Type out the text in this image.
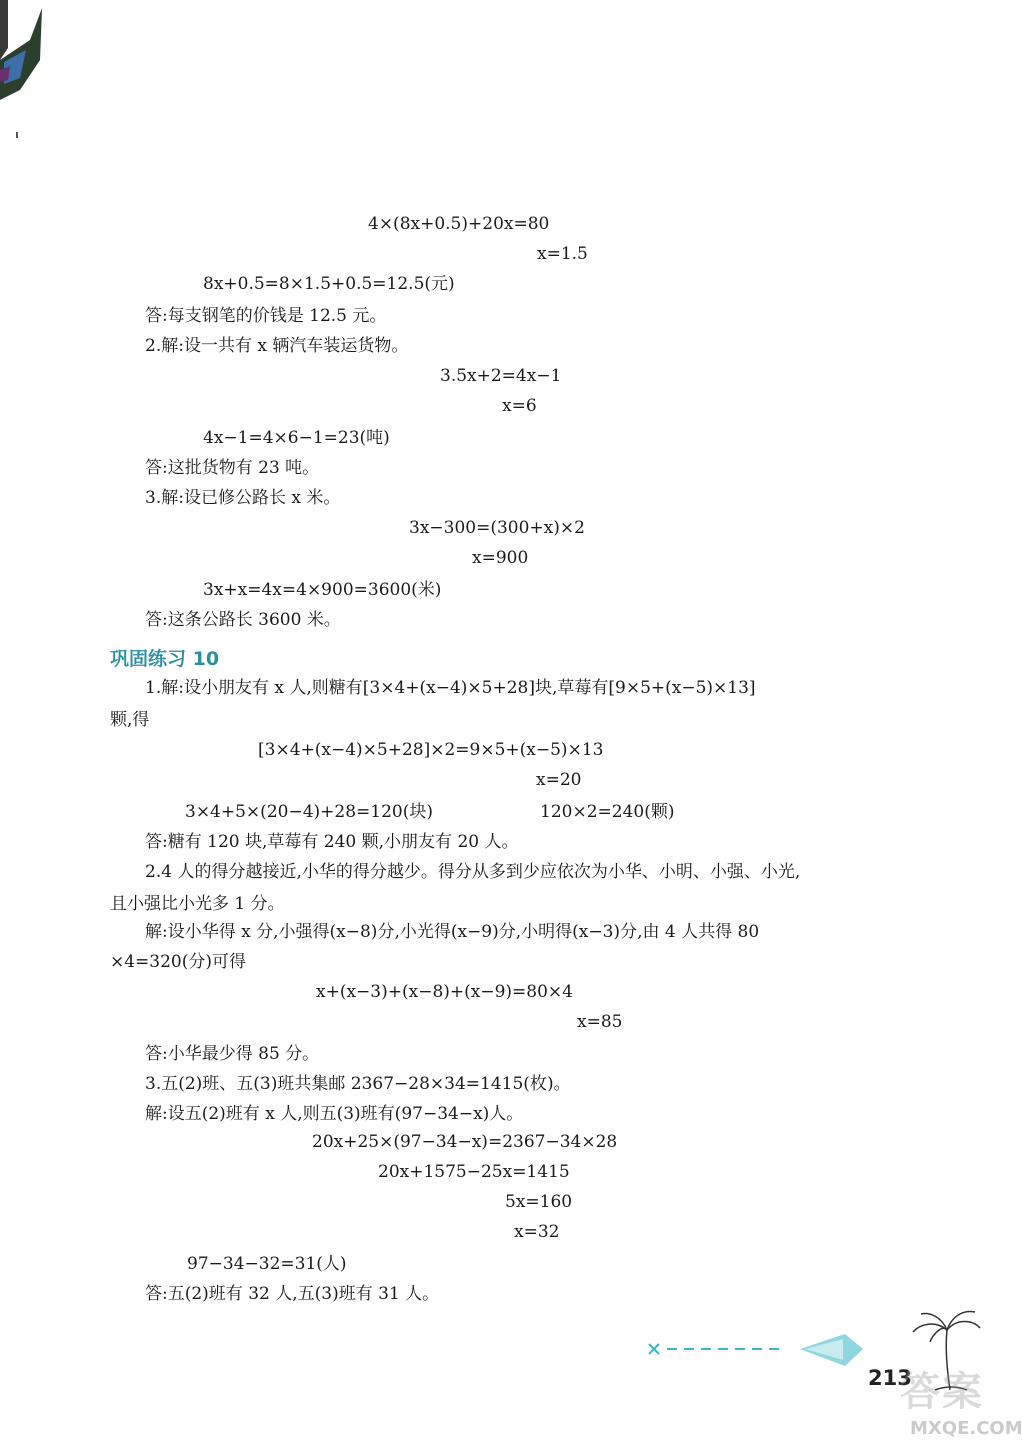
4×(8x+0.5)+20x=80
x=1.5
8x+0.5=8×1.5+0.5=12.5(元)
答:每支钢笔的价钱是 12.5 元。
2.解:设一共有 x 辆汽车装运货物。
3.5x+2=4x−1
x=6
4x−1=4×6−1=23(吨)
答:这批货物有 23 吨。
3.解:设已修公路长 x 米。
3x−300=(300+x)×2
x=900
3x+x=4x=4×900=3600(米)
答:这条公路长 3600 米。
巩固练习 10
1.解:设小朋友有 x 人,则糖有[3×4+(x−4)×5+28]块,草莓有[9×5+(x−5)×13]
颗,得
[3×4+(x−4)×5+28]×2=9×5+(x−5)×13
x=20
3×4+5×(20−4)+28=120(块)	120×2=240(颗)
答:糖有 120 块,草莓有 240 颗,小朋友有 20 人。
2.4 人的得分越接近,小华的得分越少。得分从多到少应依次为小华、小明、小强、小光,
且小强比小光多 1 分。
解:设小华得 x 分,小强得(x−8)分,小光得(x−9)分,小明得(x−3)分,由 4 人共得 80
×4=320(分)可得
x+(x−3)+(x−8)+(x−9)=80×4
x=85
答:小华最少得 85 分。
3.五(2)班、五(3)班共集邮 2367−28×34=1415(枚)。
解:设五(2)班有 x 人,则五(3)班有(97−34−x)人。
20x+25×(97−34−x)=2367−34×28
20x+1575−25x=1415
5x=160
x=32
97−34−32=31(人)
答:五(2)班有 32 人,五(3)班有 31 人。
213
答案
MXQE.COM
